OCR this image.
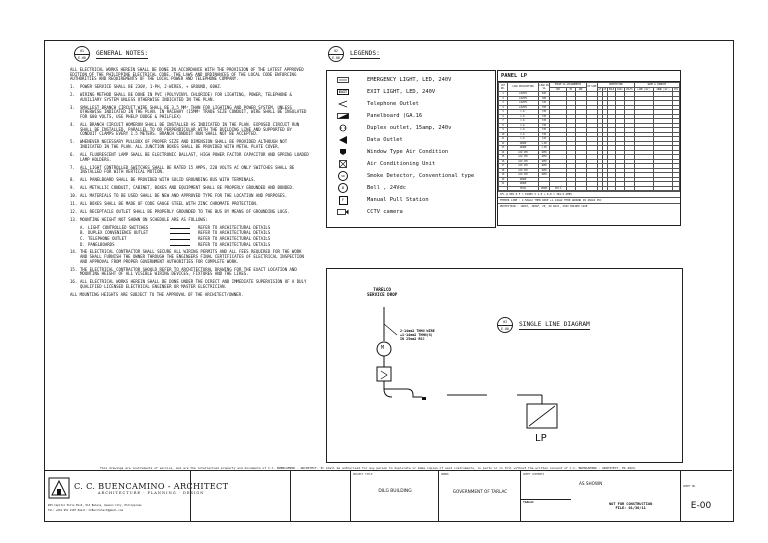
01
E-00
GENERAL NOTES:

ALL ELECTRICAL WORKS HEREIN SHALL BE DONE IN ACCORDANCE WITH THE PROVISION OF THE LATEST APPROVED EDITION OF THE PHILIPPINE ELECTRICAL CODE, THE LAWS AND ORDINANCES OF THE LOCAL CODE ENFORCING AUTHORITIES AND REQUIREMENTS OF THE LOCAL POWER AND TELEPHONE COMPANY.

1.	POWER SERVICE SHALL BE 230V, 1-PH, 2-WIRES, + GROUND, 60HZ.
2.	WIRING METHOD SHALL BE DONE IN PVC (POLYVINYL CHLORIDE) FOR LIGHTING, POWER, TELEPHONE & AUXILIARY SYSTEM UNLESS OTHERWISE INDICATED IN THE PLAN.
3.	SMALLEST BRANCH CIRCUIT WIRE SHALL BE 3.5 MM² THHN FOR LIGHTING AND POWER SYSTEM, UNLESS OTHERWISE INDICATED IN THE PLAN. IN RACEWAY (15MM² TRADE SIZE CONDUIT, WIRE SHALL BE INSULATED FOR 600 VOLTS, USE PHELP DODGE & PHILFLEX)
4.	ALL BRANCH CIRCUIT HOMERUN SHALL BE INSTALLED AS INDICATED IN THE PLAN. EXPOSED CIRCUIT RUN SHALL BE INSTALLED, PARALLEL TO OR PERPENDICULAR WITH THE BUILDING LINE AND SUPPORTED BY CONDUIT CLAMPS EVERY 1.5 METERS. BRANCH CONDUIT RUN SHALL NOT BE ACCEPTED.
5.	WHENEVER NECESSARY PULLBOX OF PROPER SIZE AND DIMENSION SHALL BE PROVIDED ALTHOUGH NOT INDICATED IN THE PLAN. ALL JUNCTION BOXES SHALL BE PROVIDED WITH METAL PLATE COVER.
6.	ALL FLUORESCENT LAMP SHALL BE ELECTRONIC BALLAST, HIGH POWER FACTOR CAPACITOR AND SPRING LOADED LAMP HOLDERS.
7.	ALL LIGHT CONTROLLED SWITCHES SHALL BE RATED 15 AMPS, 220 VOLTS AC ONLY SWITCHES SHALL BE INSTALLED FOR WITH VERTICAL MOTION.
8.	ALL PANELBOARD SHALL BE PROVIDED WITH SOLID GROUNDING BUS WITH TERMINALS.
9.	ALL METALLIC CONDUIT, CABINET, BOXES AND EQUIPMENT SHALL BE PROPERLY GROUNDED AND BONDED.
10. ALL MATERIALS TO BE USED SHALL BE NEW AND APPROVED TYPE FOR THE LOCATION AND PURPOSES.
11. ALL BOXES SHALL BE MADE OF CODE GAUGE STEEL WITH ZINC CHROMATE PROTECTION.
12. ALL RECEPTACLE OUTLET SHALL BE PROPERLY GROUNDED TO THE BUS BY MEANS OF GROUNDING LUGS.
13. MOUNTING HEIGHT NOT SHOWN ON SCHEDULE ARE AS FOLLOWS:
A. LIGHT CONTROLLED SWITCHES	REFER TO ARCHITECTURAL DETAILS
B. DUPLEX CONVENIENCE OUTLET	REFER TO ARCHITECTURAL DETAILS
C. TELEPHONE OUTLET	REFER TO ARCHITECTURAL DETAILS
D. PANELBOARDS	REFER TO ARCHITECTURAL DETAILS
14. THE ELECTRICAL CONTRACTOR SHALL SECURE ALL WIRING PERMITS AND ALL FEES REQUIRED FOR THE WORK AND SHALL FURNISH THE OWNER THROUGH THE ENGINEERS FINAL CERTIFICATES OF ELECTRICAL INSPECTION AND APPROVAL FROM PROPER GOVERNMENT AUTHORITIES FOR COMPLETE WORK.
15. THE ELECTRICAL CONTRACTOR SHOULD REFER TO ARCHITECTURAL DRAWING FOR THE EXACT LOCATION AND MOUNTING HEIGHT OF ALL VISIBLE WIRING DEVICES, FIXTURES AND THE LIKES.
16. ALL ELECTRICAL WORKS HEREIN SHALL BE DONE UNDER THE DIRECT AND IMMEDIATE SUPERVISION OF A DULY QUALIFIED LICENSED ELECTRICAL ENGINEER OR MASTER ELECTRICIAN.

ALL MOUNTING HEIGHTS ARE SUBJECT TO THE APPROVAL OF THE ARCHITECT/OWNER.

02
E-00
LEGENDS:
EMERGENCY LIGHT, LED, 240V
EXIT	EXIT LIGHT, LED, 240V
Telephone Outlet
Panelboard (GA.16
Duplex outlet, 15amp, 240v
Data Outlet
Window Type Air Condition
Air Conditioning Unit
SD	Smoke Detector, Conventional type
B	Bell , 24Vdc
F	Manual Pull Station
CCTV camera
PANEL LP
CKT NO.	LOAD DESCRIPTION	LOAD IN VA	PHASE VA ASSIGNMENTS			CB SIZE	PROTECTION					WIRE & CONDUIT		
			ABC	BC	ABC		AT	AF	POLE	KAIC	VOLTS	LINE (mm²)	GRND (mm²)	PVC
1	LIGHTS	400												
2	LIGHTS	380												
3	LIGHTS	720												
4	LIGHTS	700												
5	C.O.	720												
6	C.O.	720												
7	C.O.	720												
8	C.O.	720												
9	C.O.	720												
10	C.O.	720												
11	C.O.	720												
12	SPARE	1.00												
13	SPARE	1.00												
14	ACU 1TR	1650												
15	ACU 1TR	1650												
16	ACU 1TR	1650												
17	ACU 1TR	1650												
18	ACU 1TR	1650												
19	ACU 1TR	1650												
20	SPARE													
21	SPARE													
	TOTAL	19085	155.1											
IFL @ 80% P.F = 19085 X 1.0 + 0.8 = 104.0 AMPS
FEEDER LINE : 2-50mm2 THHN WIRE +1-14mm2 THHN GROUND IN 40mm2 PVC
PROTECTION : 100AT, 100AF, 2P, 20 KAIC, 230V MOLDED CASE
TARELCO
SERVICE DROP
2-14mm2 THHN WIRE
+1-14mm2 THHN(G)
IN 25mm2 RSC
M
03
E-00
SINGLE LINE DIAGRAM
LP
This drawings are instruments of service, and are the intellectual property and documents of C.C. BUENCAMINO - ARCHITECT. It shall be authorized for any person to duplicate or make copies of said instruments, in parts or in full without the written consent of C.C. BUENCAMINO - ARCHITECT, PA 2024.
C. C. BUENCAMINO - ARCHITECT
ARCHITECTURE · PLANNING · DESIGN
#29 Capitol Hills Blvd, Old Balara, Quezon City, Philippines
Tel: +632 951 2187 Email: CCBarchitect@gmail.com
PROJECT TITLE
DILG BUILDING
OWNER
GOVERNMENT OF TARLAC
SHEET CONTENTS
AS SHOWN
TARLAC	NOT FOR CONSTRUCTION
FILE: 01/30/11
SHEET NO.
E-00
